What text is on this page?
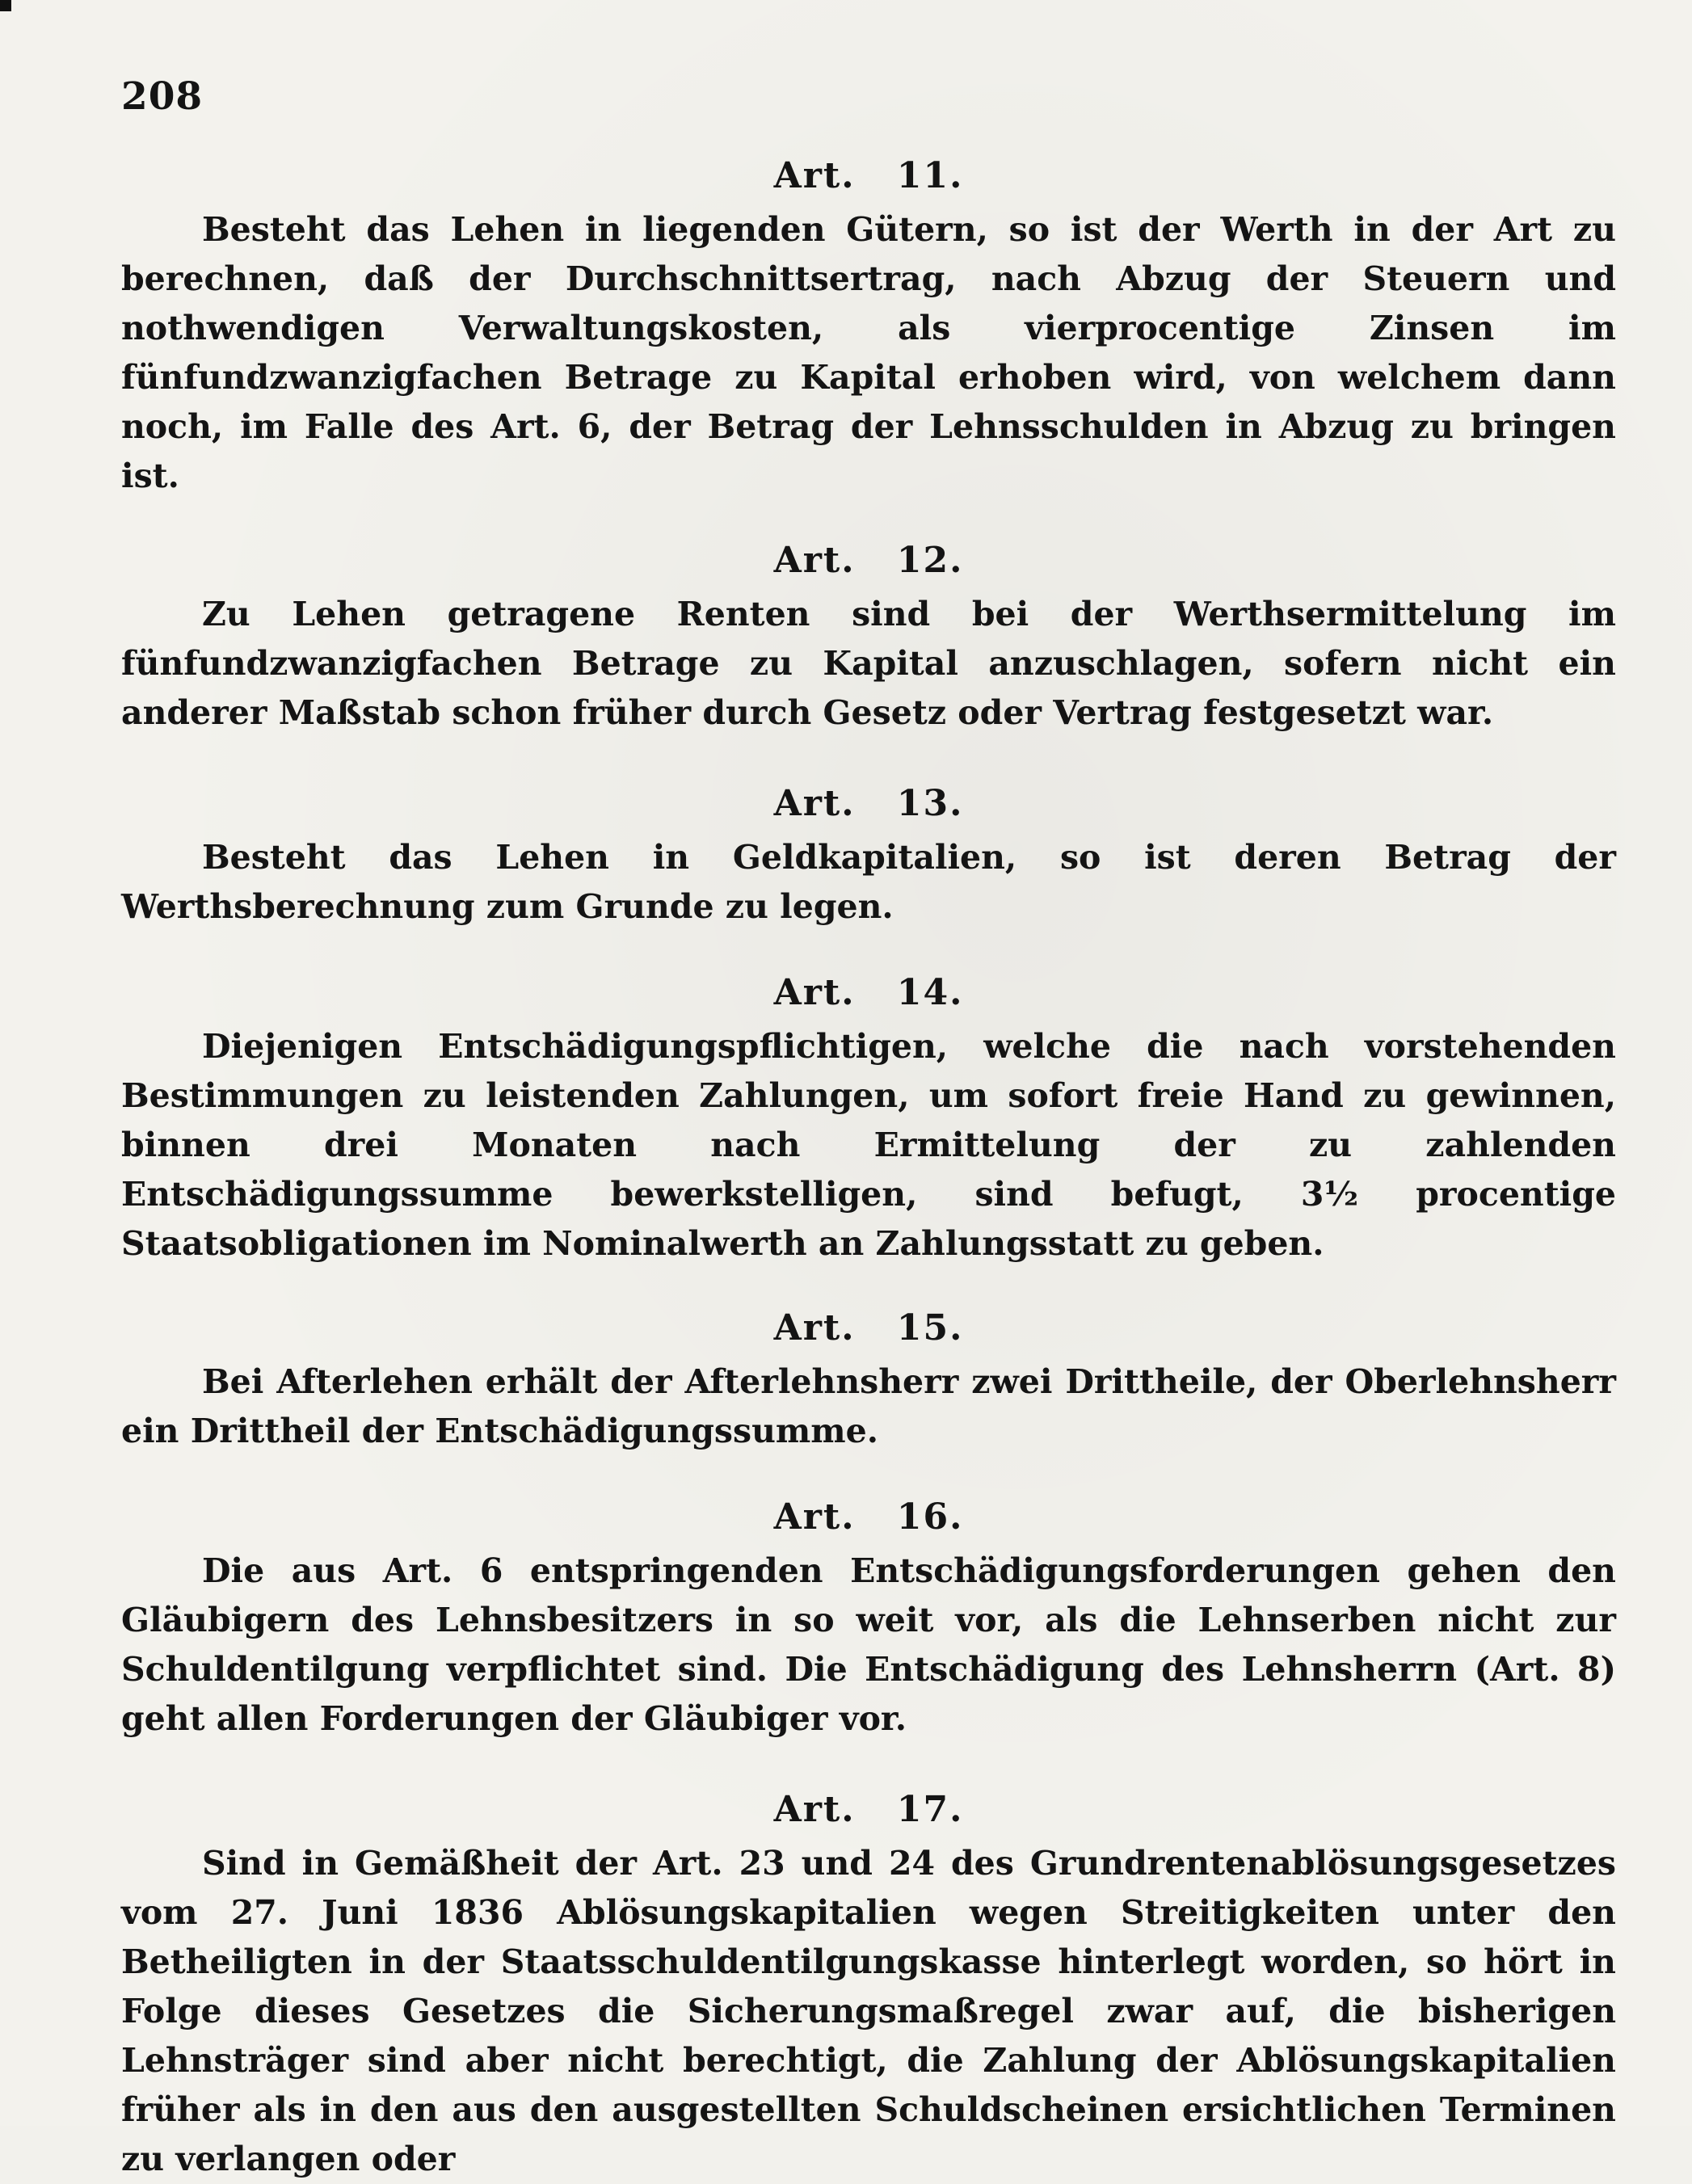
208
Art. 11.

Besteht das Lehen in liegenden Gütern, so ist der Werth in der Art zu berechnen, daß der Durchschnittsertrag, nach Abzug der Steuern und nothwendigen Verwaltungskosten, als vierprocentige Zinsen im fünfundzwanzigfachen Betrage zu Kapital erhoben wird, von welchem dann noch, im Falle des Art. 6, der Betrag der Lehnsschulden in Abzug zu bringen ist.

Art. 12.

Zu Lehen getragene Renten sind bei der Werthsermittelung im fünfundzwanzigfachen Betrage zu Kapital anzuschlagen, sofern nicht ein anderer Maßstab schon früher durch Gesetz oder Vertrag festgesetzt war.

Art. 13.

Besteht das Lehen in Geldkapitalien, so ist deren Betrag der Werthsberechnung zum Grunde zu legen.

Art. 14.

Diejenigen Entschädigungspflichtigen, welche die nach vorstehenden Bestimmungen zu leistenden Zahlungen, um sofort freie Hand zu gewinnen, binnen drei Monaten nach Ermittelung der zu zahlenden Entschädigungssumme bewerkstelligen, sind befugt, 3½ procentige Staatsobligationen im Nominalwerth an Zahlungsstatt zu geben.

Art. 15.

Bei Afterlehen erhält der Afterlehnsherr zwei Drittheile, der Oberlehnsherr ein Drittheil der Entschädigungssumme.

Art. 16.

Die aus Art. 6 entspringenden Entschädigungsforderungen gehen den Gläubigern des Lehnsbesitzers in so weit vor, als die Lehnserben nicht zur Schuldentilgung verpflichtet sind. Die Entschädigung des Lehnsherrn (Art. 8) geht allen Forderungen der Gläubiger vor.

Art. 17.

Sind in Gemäßheit der Art. 23 und 24 des Grundrentenablösungsgesetzes vom 27. Juni 1836 Ablösungskapitalien wegen Streitigkeiten unter den Betheiligten in der Staatsschuldentilgungskasse hinterlegt worden, so hört in Folge dieses Gesetzes die Sicherungsmaßregel zwar auf, die bisherigen Lehnsträger sind aber nicht berechtigt, die Zahlung der Ablösungskapitalien früher als in den aus den ausgestellten Schuldscheinen ersichtlichen Terminen zu verlangen oder
